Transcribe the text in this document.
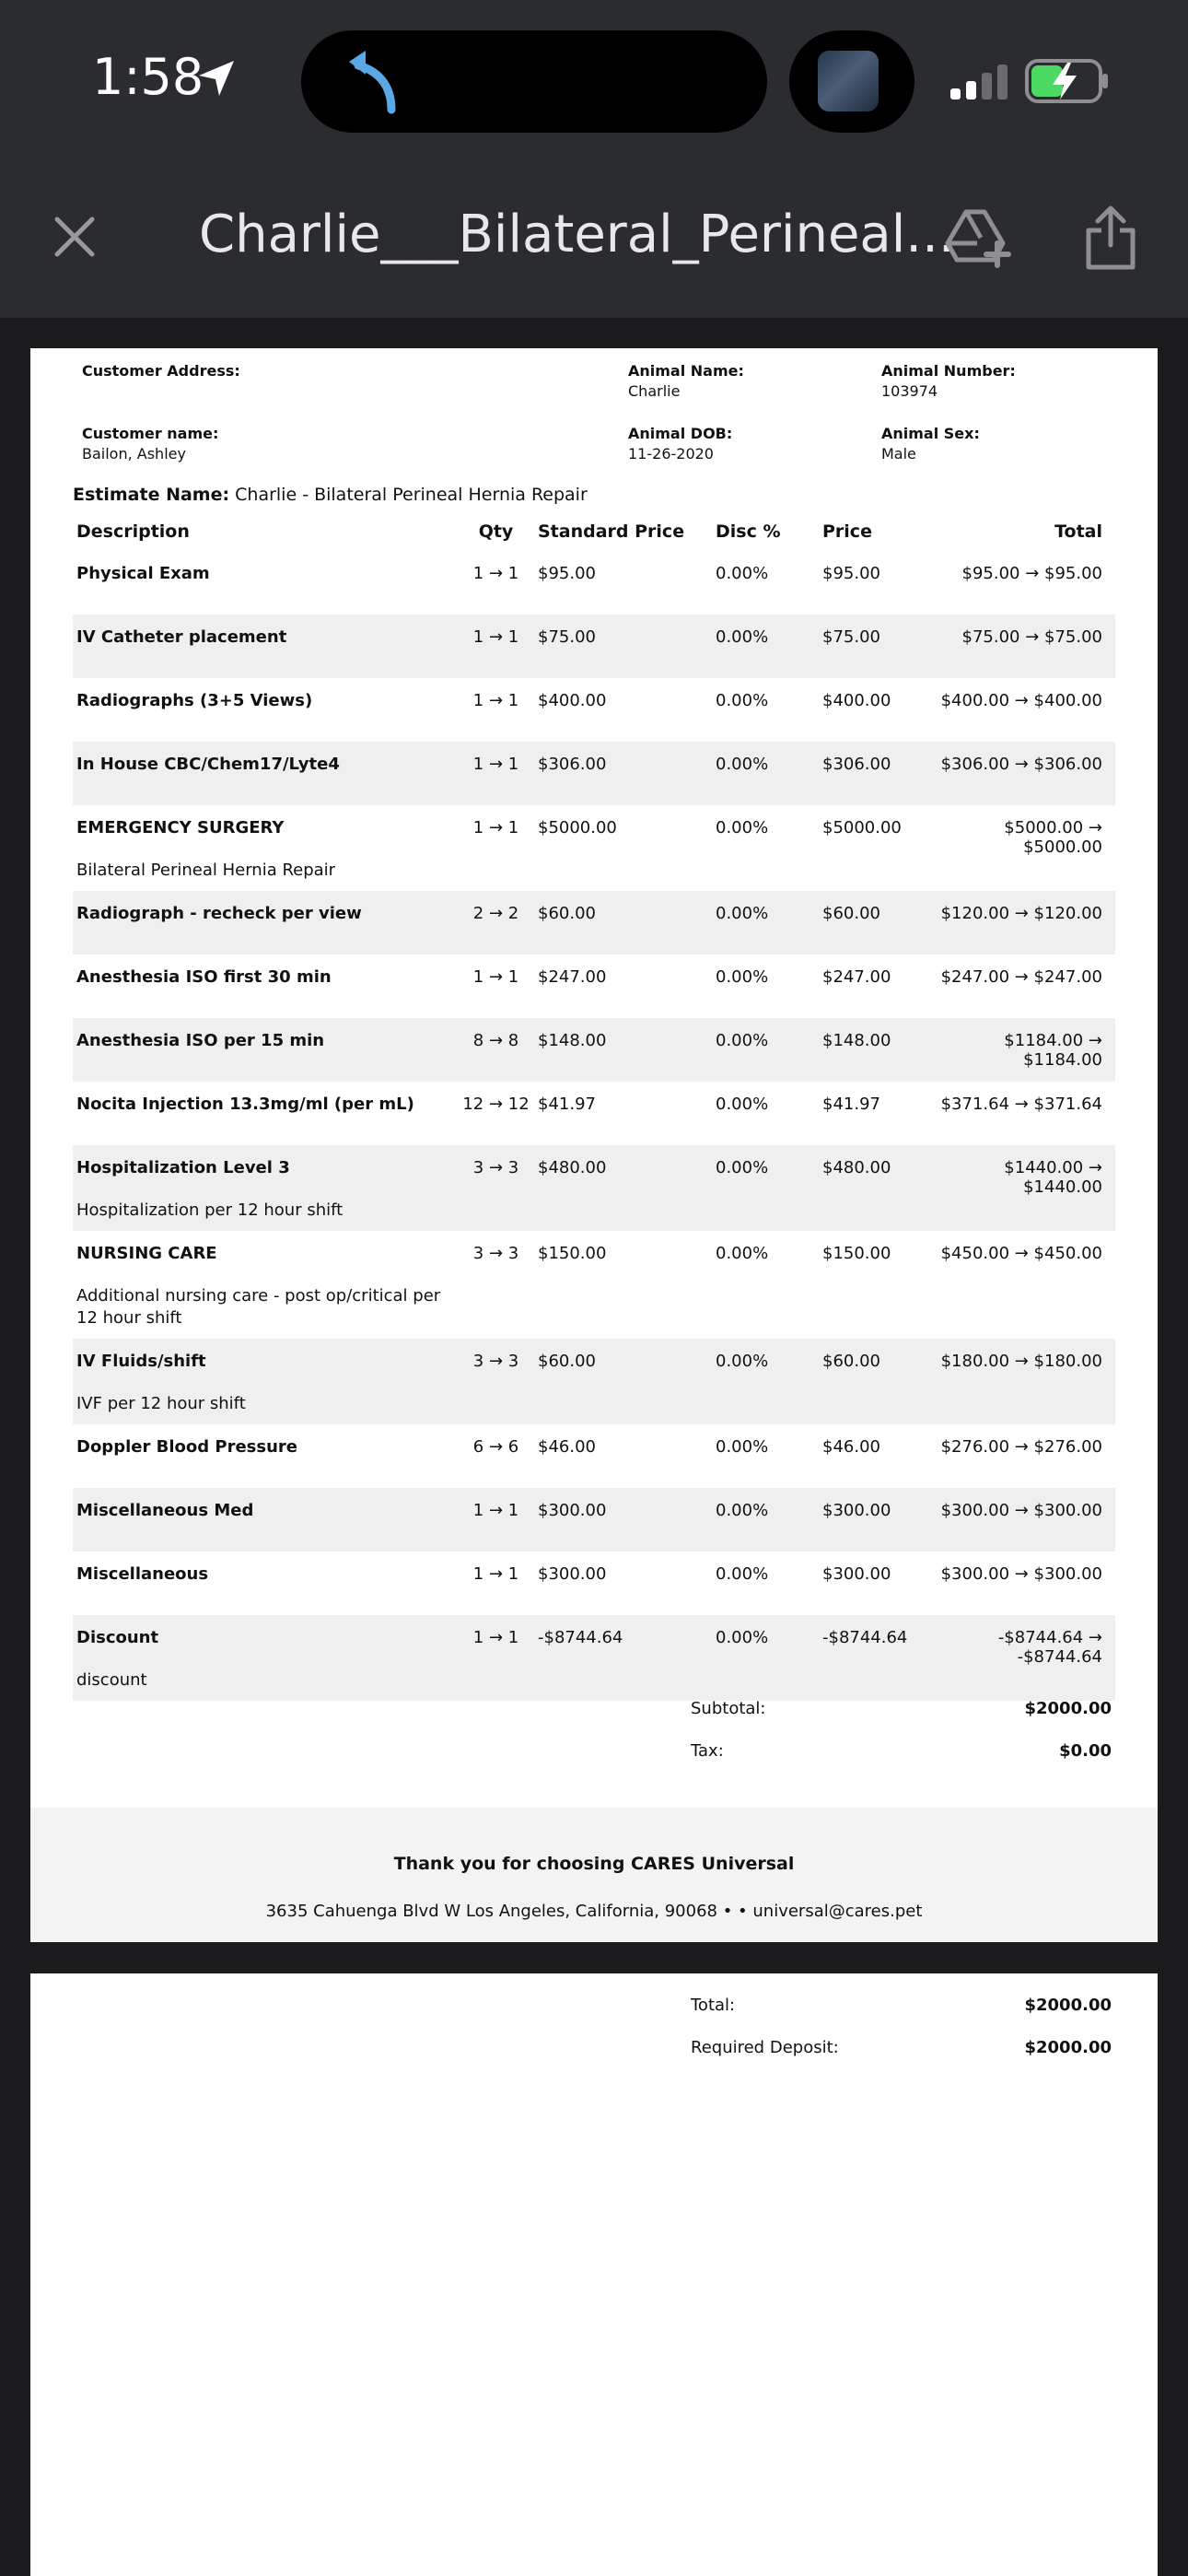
1:58
Charlie___Bilateral_Perineal...
Customer Address:
Customer name:
Bailon, Ashley
Animal Name:
Charlie
Animal DOB:
11-26-2020
Animal Number:
103974
Animal Sex:
Male
Estimate Name: Charlie - Bilateral Perineal Hernia Repair
Description	Qty	Standard Price	Disc %	Price	Total

Physical Exam	1 → 1	$95.00	0.00%	$95.00	$95.00 → $95.00

IV Catheter placement	1 → 1	$75.00	0.00%	$75.00	$75.00 → $75.00

Radiographs (3+5 Views)	1 → 1	$400.00	0.00%	$400.00	$400.00 → $400.00

In House CBC/Chem17/Lyte4	1 → 1	$306.00	0.00%	$306.00	$306.00 → $306.00

EMERGENCY SURGERY
Bilateral Perineal Hernia Repair	1 → 1	$5000.00	0.00%	$5000.00	$5000.00 → $5000.00

Radiograph - recheck per view	2 → 2	$60.00	0.00%	$60.00	$120.00 → $120.00

Anesthesia ISO first 30 min	1 → 1	$247.00	0.00%	$247.00	$247.00 → $247.00

Anesthesia ISO per 15 min	8 → 8	$148.00	0.00%	$148.00	$1184.00 → $1184.00

Nocita Injection 13.3mg/ml (per mL)	12 → 12	$41.97	0.00%	$41.97	$371.64 → $371.64

Hospitalization Level 3
Hospitalization per 12 hour shift	3 → 3	$480.00	0.00%	$480.00	$1440.00 → $1440.00

NURSING CARE
Additional nursing care - post op/critical per 12 hour shift	3 → 3	$150.00	0.00%	$150.00	$450.00 → $450.00

IV Fluids/shift
IVF per 12 hour shift	3 → 3	$60.00	0.00%	$60.00	$180.00 → $180.00

Doppler Blood Pressure	6 → 6	$46.00	0.00%	$46.00	$276.00 → $276.00

Miscellaneous Med	1 → 1	$300.00	0.00%	$300.00	$300.00 → $300.00

Miscellaneous	1 → 1	$300.00	0.00%	$300.00	$300.00 → $300.00

Discount
discount	1 → 1	-$8744.64	0.00%	-$8744.64	-$8744.64 → -$8744.64
Subtotal:	$2000.00
Tax:	$0.00
Thank you for choosing CARES Universal
3635 Cahuenga Blvd W Los Angeles, California, 90068 • • universal@cares.pet
Total:	$2000.00
Required Deposit:	$2000.00
